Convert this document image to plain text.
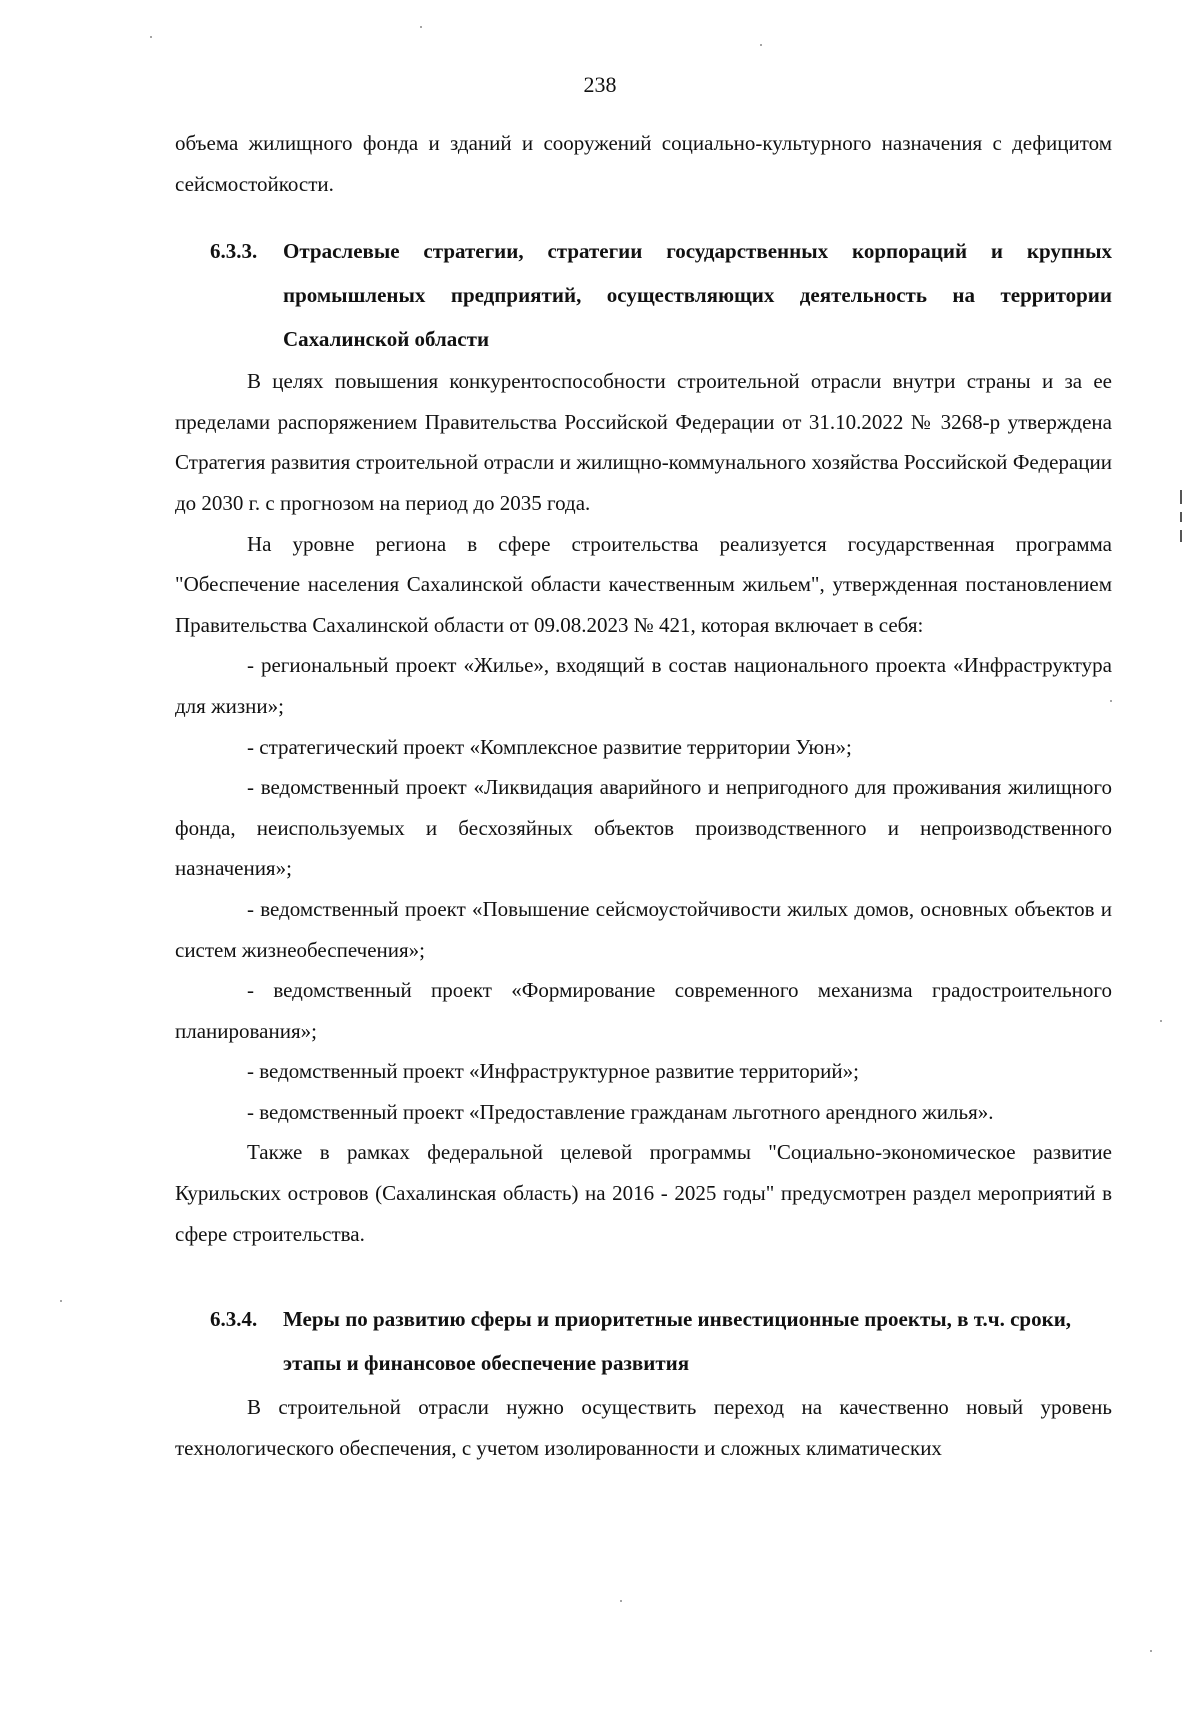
238

объема жилищного фонда и зданий и сооружений социально-культурного назначения с дефицитом сейсмостойкости.

6.3.3. Отраслевые стратегии, стратегии государственных корпораций и крупных промышленых предприятий, осуществляющих деятельность на территории Сахалинской области

В целях повышения конкурентоспособности строительной отрасли внутри страны и за ее пределами распоряжением Правительства Российской Федерации от 31.10.2022 № 3268-р утверждена Стратегия развития строительной отрасли и жилищно-коммунального хозяйства Российской Федерации до 2030 г. с прогнозом на период до 2035 года.

На уровне региона в сфере строительства реализуется государственная программа "Обеспечение населения Сахалинской области качественным жильем", утвержденная постановлением Правительства Сахалинской области от 09.08.2023 № 421, которая включает в себя:

- региональный проект «Жилье», входящий в состав национального проекта «Инфраструктура для жизни»;

- стратегический проект «Комплексное развитие территории Уюн»;

- ведомственный проект «Ликвидация аварийного и непригодного для проживания жилищного фонда, неиспользуемых и бесхозяйных объектов производственного и непроизводственного назначения»;

- ведомственный проект «Повышение сейсмоустойчивости жилых домов, основных объектов и систем жизнеобеспечения»;

- ведомственный проект «Формирование современного механизма градостроительного планирования»;

- ведомственный проект «Инфраструктурное развитие территорий»;

- ведомственный проект «Предоставление гражданам льготного арендного жилья».

Также в рамках федеральной целевой программы "Социально-экономическое развитие Курильских островов (Сахалинская область) на 2016 - 2025 годы" предусмотрен раздел мероприятий в сфере строительства.

6.3.4. Меры по развитию сферы и приоритетные инвестиционные проекты, в т.ч. сроки, этапы и финансовое обеспечение развития

В строительной отрасли нужно осуществить переход на качественно новый уровень технологического обеспечения, с учетом изолированности и сложных климатических
